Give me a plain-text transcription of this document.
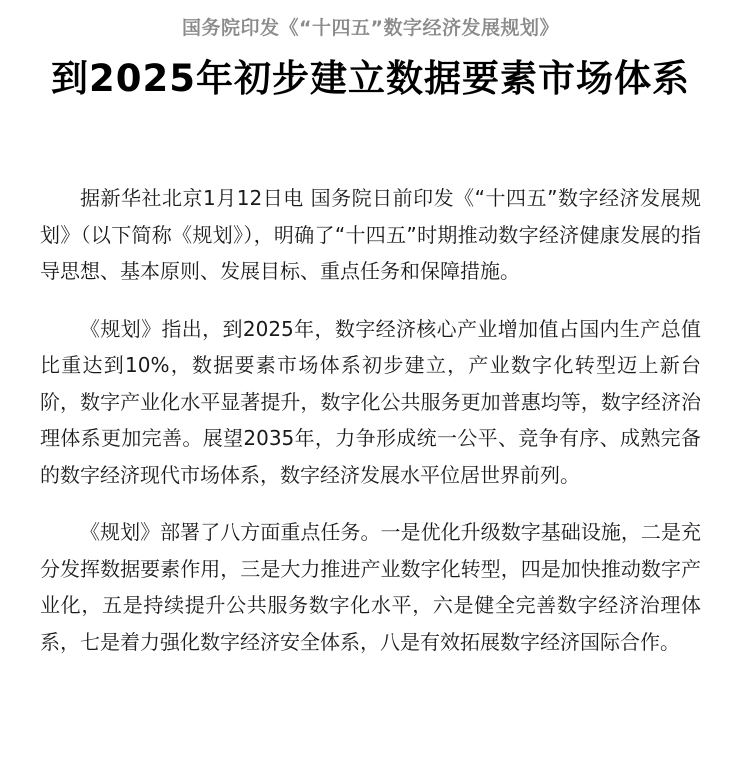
国务院印发《“十四五”数字经济发展规划》
到2025年初步建立数据要素市场体系

据新华社北京1月12日电 国务院日前印发《“十四五”数字经济发展规划》（以下简称《规划》），明确了“十四五”时期推动数字经济健康发展的指导思想、基本原则、发展目标、重点任务和保障措施。

《规划》指出，到2025年，数字经济核心产业增加值占国内生产总值比重达到10%，数据要素市场体系初步建立，产业数字化转型迈上新台阶，数字产业化水平显著提升，数字化公共服务更加普惠均等，数字经济治理体系更加完善。展望2035年，力争形成统一公平、竞争有序、成熟完备的数字经济现代市场体系，数字经济发展水平位居世界前列。

《规划》部署了八方面重点任务。一是优化升级数字基础设施，二是充分发挥数据要素作用，三是大力推进产业数字化转型，四是加快推动数字产业化，五是持续提升公共服务数字化水平，六是健全完善数字经济治理体系，七是着力强化数字经济安全体系，八是有效拓展数字经济国际合作。
